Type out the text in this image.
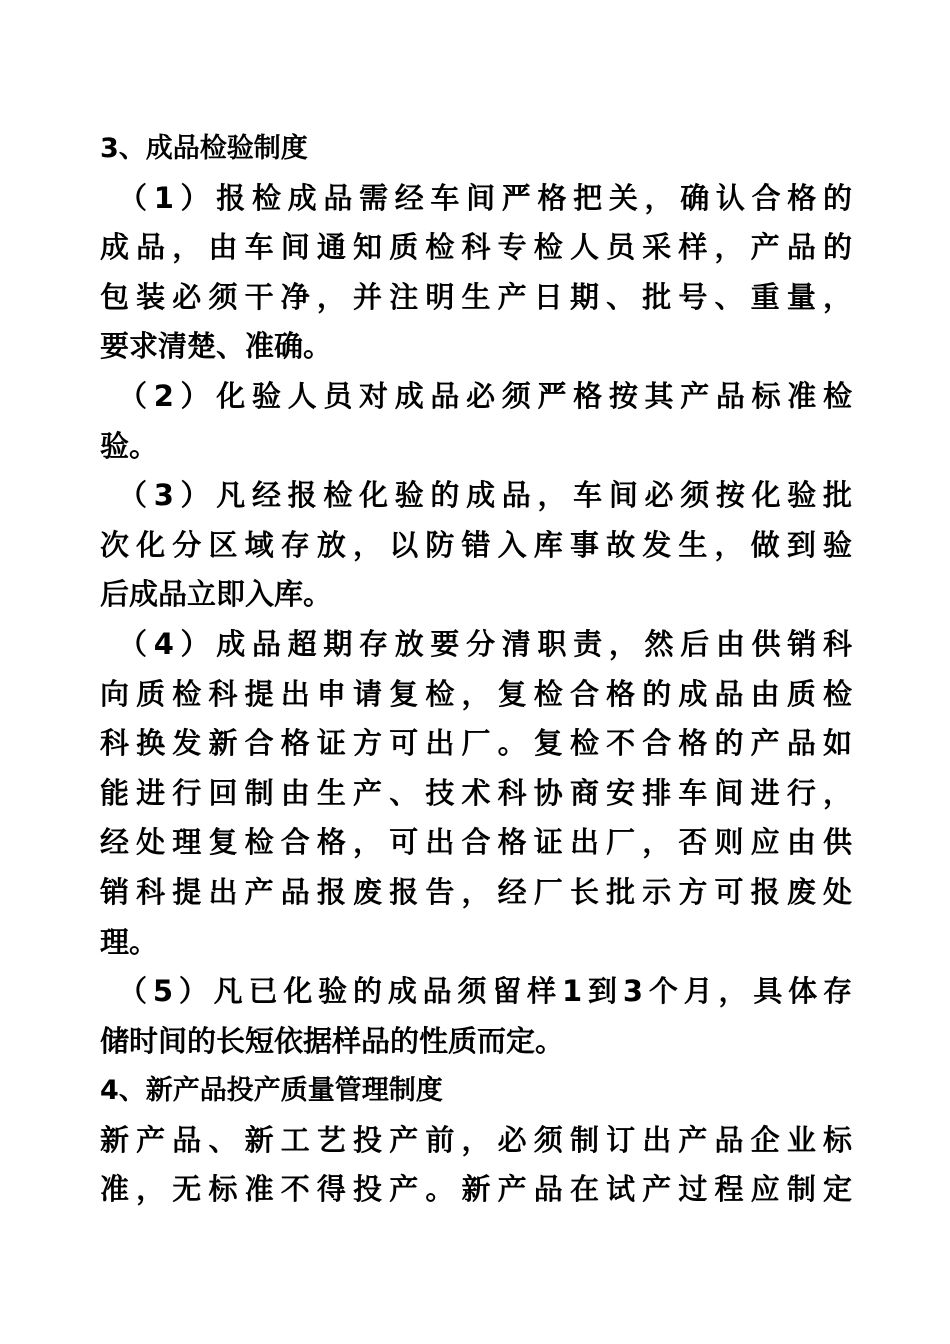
3、成品检验制度
（1）报检成品需经车间严格把关，确认合格的
成品，由车间通知质检科专检人员采样，产品的
包装必须干净，并注明生产日期、批号、重量，
要求清楚、准确。
（2）化验人员对成品必须严格按其产品标准检
验。
（3）凡经报检化验的成品，车间必须按化验批
次化分区域存放，以防错入库事故发生，做到验
后成品立即入库。
（4）成品超期存放要分清职责，然后由供销科
向质检科提出申请复检，复检合格的成品由质检
科换发新合格证方可出厂。复检不合格的产品如
能进行回制由生产、技术科协商安排车间进行，
经处理复检合格，可出合格证出厂，否则应由供
销科提出产品报废报告，经厂长批示方可报废处
理。
（5）凡已化验的成品须留样1到3个月，具体存
储时间的长短依据样品的性质而定。
4、新产品投产质量管理制度
新产品、新工艺投产前，必须制订出产品企业标
准，无标准不得投产。新产品在试产过程应制定
